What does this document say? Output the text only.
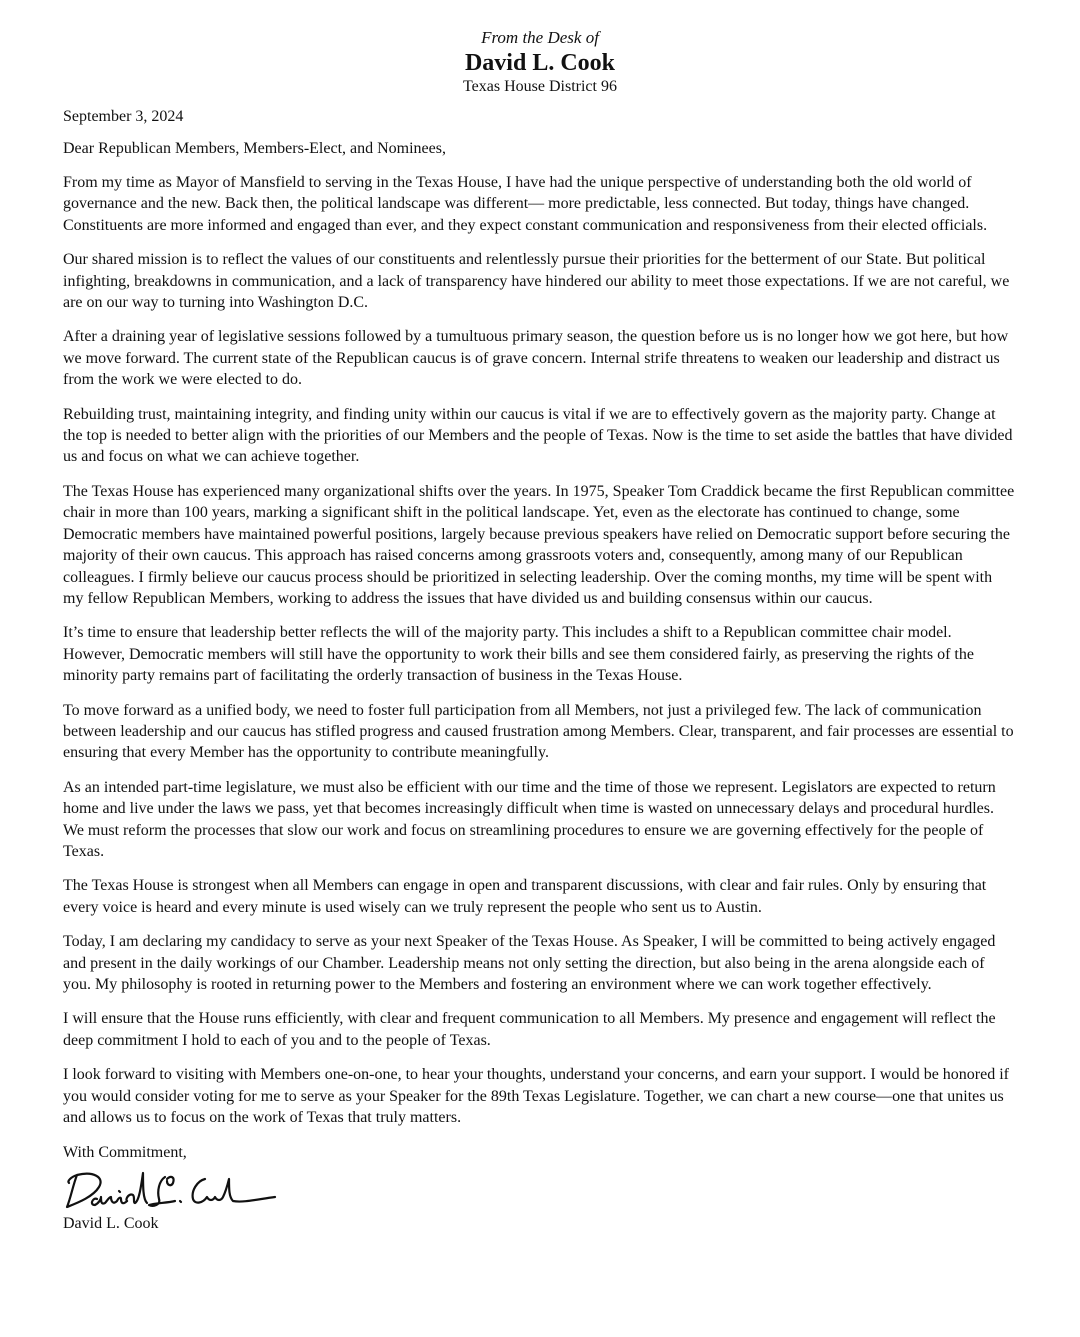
From the Desk of

David L. Cook

Texas House District 96

September 3, 2024

Dear Republican Members, Members-Elect, and Nominees,

From my time as Mayor of Mansfield to serving in the Texas House, I have had the unique perspective of understanding both the old world of governance and the new. Back then, the political landscape was different— more predictable, less connected. But today, things have changed. Constituents are more informed and engaged than ever, and they expect constant communication and responsiveness from their elected officials.

Our shared mission is to reflect the values of our constituents and relentlessly pursue their priorities for the betterment of our State. But political infighting, breakdowns in communication, and a lack of transparency have hindered our ability to meet those expectations. If we are not careful, we are on our way to turning into Washington D.C.

After a draining year of legislative sessions followed by a tumultuous primary season, the question before us is no longer how we got here, but how we move forward. The current state of the Republican caucus is of grave concern. Internal strife threatens to weaken our leadership and distract us from the work we were elected to do.

Rebuilding trust, maintaining integrity, and finding unity within our caucus is vital if we are to effectively govern as the majority party. Change at the top is needed to better align with the priorities of our Members and the people of Texas. Now is the time to set aside the battles that have divided us and focus on what we can achieve together.

The Texas House has experienced many organizational shifts over the years. In 1975, Speaker Tom Craddick became the first Republican committee chair in more than 100 years, marking a significant shift in the political landscape. Yet, even as the electorate has continued to change, some Democratic members have maintained powerful positions, largely because previous speakers have relied on Democratic support before securing the majority of their own caucus. This approach has raised concerns among grassroots voters and, consequently, among many of our Republican colleagues. I firmly believe our caucus process should be prioritized in selecting leadership. Over the coming months, my time will be spent with my fellow Republican Members, working to address the issues that have divided us and building consensus within our caucus.

It’s time to ensure that leadership better reflects the will of the majority party. This includes a shift to a Republican committee chair model. However, Democratic members will still have the opportunity to work their bills and see them considered fairly, as preserving the rights of the minority party remains part of facilitating the orderly transaction of business in the Texas House.

To move forward as a unified body, we need to foster full participation from all Members, not just a privileged few. The lack of communication between leadership and our caucus has stifled progress and caused frustration among Members. Clear, transparent, and fair processes are essential to ensuring that every Member has the opportunity to contribute meaningfully.

As an intended part-time legislature, we must also be efficient with our time and the time of those we represent. Legislators are expected to return home and live under the laws we pass, yet that becomes increasingly difficult when time is wasted on unnecessary delays and procedural hurdles. We must reform the processes that slow our work and focus on streamlining procedures to ensure we are governing effectively for the people of Texas.

The Texas House is strongest when all Members can engage in open and transparent discussions, with clear and fair rules. Only by ensuring that every voice is heard and every minute is used wisely can we truly represent the people who sent us to Austin.

Today, I am declaring my candidacy to serve as your next Speaker of the Texas House. As Speaker, I will be committed to being actively engaged and present in the daily workings of our Chamber. Leadership means not only setting the direction, but also being in the arena alongside each of you. My philosophy is rooted in returning power to the Members and fostering an environment where we can work together effectively.

I will ensure that the House runs efficiently, with clear and frequent communication to all Members. My presence and engagement will reflect the deep commitment I hold to each of you and to the people of Texas.

I look forward to visiting with Members one-on-one, to hear your thoughts, understand your concerns, and earn your support. I would be honored if you would consider voting for me to serve as your Speaker for the 89th Texas Legislature. Together, we can chart a new course—one that unites us and allows us to focus on the work of Texas that truly matters.

With Commitment,

David L. Cook
